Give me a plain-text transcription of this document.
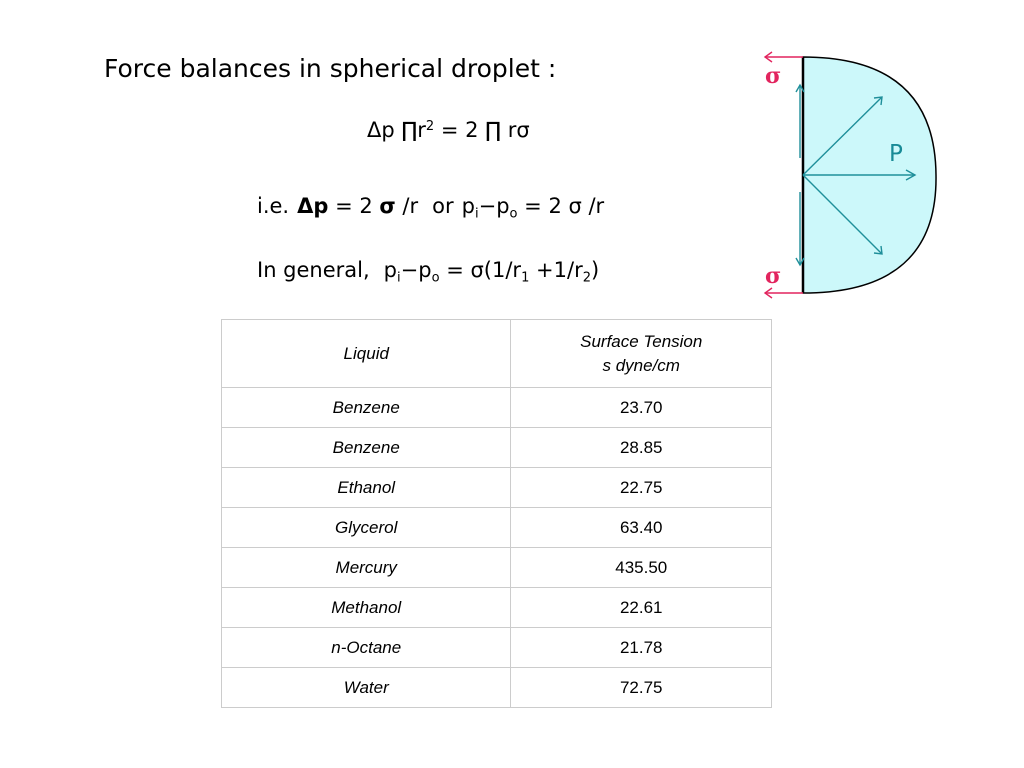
Force balances in spherical droplet :
Δp $\prod r^2 = 2$ ∏ rσ
i.e. Δp = 2 σ /r or $p_i-p_o = 2$ σ /r
In general, $p_i-p_o = \sigma(1/r_1 +1/r_2)$
σ
σ
P
Liquid	Surface Tension
s dyne/cm

Benzene	23.70
Benzene	28.85
Ethanol	22.75
Glycerol	63.40
Mercury	435.50
Methanol	22.61
n-Octane	21.78
Water	72.75
